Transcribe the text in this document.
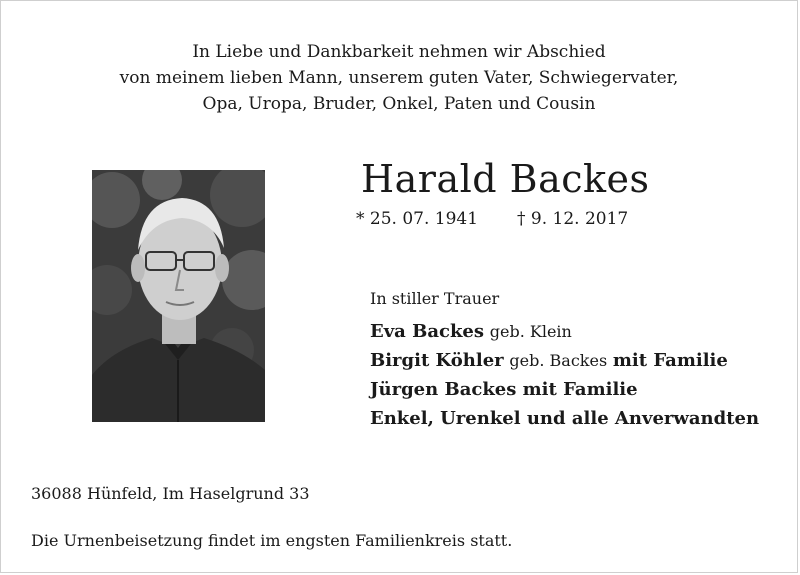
In Liebe und Dankbarkeit nehmen wir Abschied
von meinem lieben Mann, unserem guten Vater, Schwiegervater,
Opa, Uropa, Bruder, Onkel, Paten und Cousin
Harald Backes
* 25. 07. 1941 † 9. 12. 2017
In stiller Trauer
Eva Backes geb. Klein
Birgit Köhler geb. Backes mit Familie
Jürgen Backes mit Familie
Enkel, Urenkel und alle Anverwandten
36088 Hünfeld, Im Haselgrund 33
Die Urnenbeisetzung findet im engsten Familienkreis statt.
